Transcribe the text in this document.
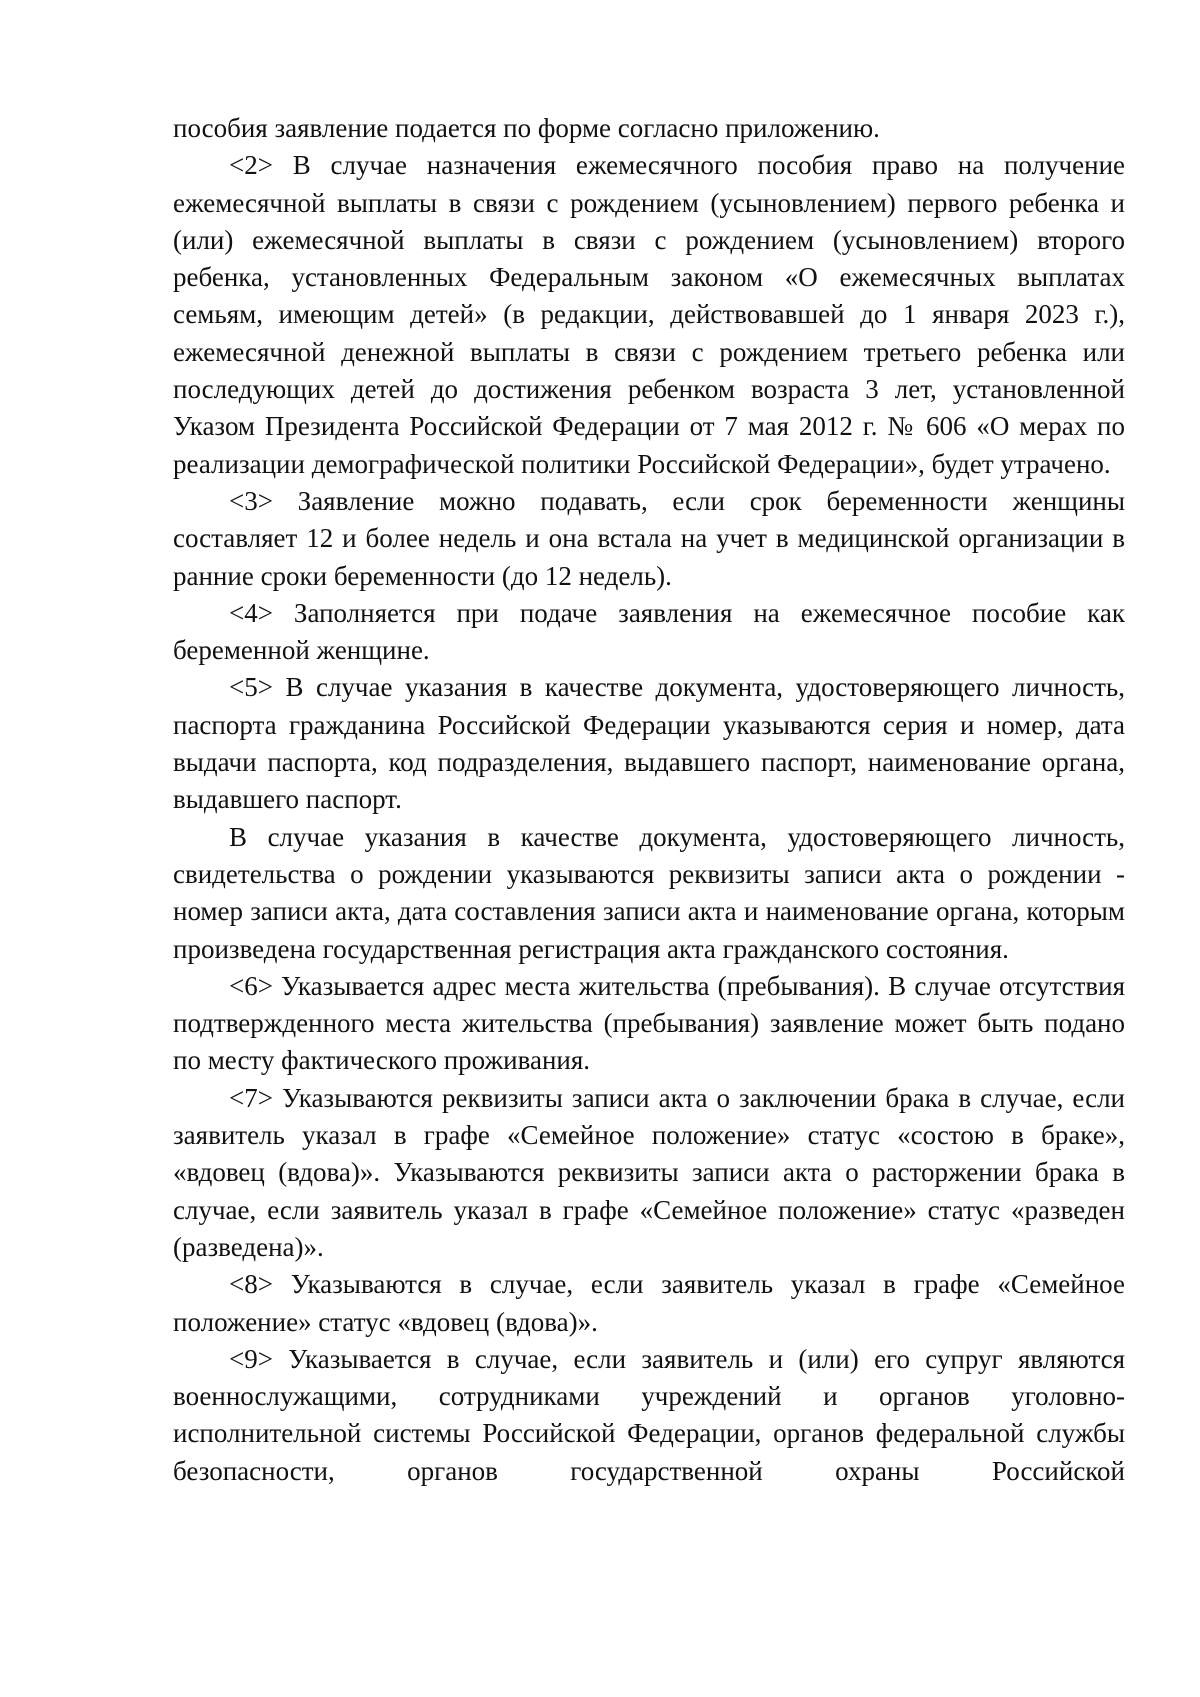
пособия заявление подается по форме согласно приложению.

<2> В случае назначения ежемесячного пособия право на получение ежемесячной выплаты в связи с рождением (усыновлением) первого ребенка и (или) ежемесячной выплаты в связи с рождением (усыновлением) второго ребенка, установленных Федеральным законом «О ежемесячных выплатах семьям, имеющим детей» (в редакции, действовавшей до 1 января 2023 г.), ежемесячной денежной выплаты в связи с рождением третьего ребенка или последующих детей до достижения ребенком возраста 3 лет, установленной Указом Президента Российской Федерации от 7 мая 2012 г. № 606 «О мерах по реализации демографической политики Российской Федерации», будет утрачено.

<3> Заявление можно подавать, если срок беременности женщины составляет 12 и более недель и она встала на учет в медицинской организации в ранние сроки беременности (до 12 недель).

<4> Заполняется при подаче заявления на ежемесячное пособие как беременной женщине.

<5> В случае указания в качестве документа, удостоверяющего личность, паспорта гражданина Российской Федерации указываются серия и номер, дата выдачи паспорта, код подразделения, выдавшего паспорт, наименование органа, выдавшего паспорт.

В случае указания в качестве документа, удостоверяющего личность, свидетельства о рождении указываются реквизиты записи акта о рождении - номер записи акта, дата составления записи акта и наименование органа, которым произведена государственная регистрация акта гражданского состояния.

<6> Указывается адрес места жительства (пребывания). В случае отсутствия подтвержденного места жительства (пребывания) заявление может быть подано по месту фактического проживания.

<7> Указываются реквизиты записи акта о заключении брака в случае, если заявитель указал в графе «Семейное положение» статус «состою в браке», «вдовец (вдова)». Указываются реквизиты записи акта о расторжении брака в случае, если заявитель указал в графе «Семейное положение» статус «разведен (разведена)».

<8> Указываются в случае, если заявитель указал в графе «Семейное положение» статус «вдовец (вдова)».

<9> Указывается в случае, если заявитель и (или) его супруг являются военнослужащими, сотрудниками учреждений и органов уголовно-исполнительной системы Российской Федерации, органов федеральной службы безопасности, органов государственной охраны Российской
